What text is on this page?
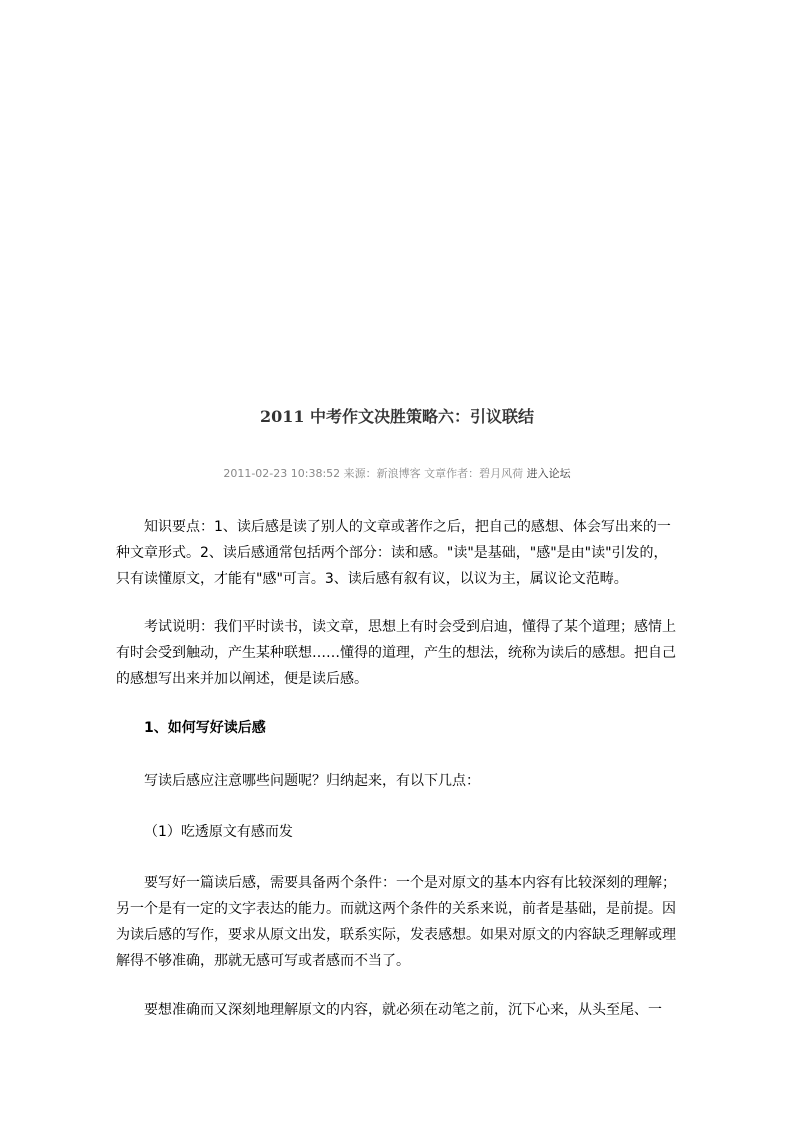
2011 中考作文决胜策略六：引议联结
2011-02-23 10:38:52 来源：新浪博客 文章作者：碧月风荷 进入论坛

知识要点：1、读后感是读了别人的文章或著作之后，把自己的感想、体会写出来的一种文章形式。2、读后感通常包括两个部分：读和感。"读"是基础，"感"是由"读"引发的，只有读懂原文，才能有"感"可言。3、读后感有叙有议，以议为主，属议论文范畴。

考试说明：我们平时读书，读文章，思想上有时会受到启迪，懂得了某个道理；感情上有时会受到触动，产生某种联想……懂得的道理，产生的想法，统称为读后的感想。把自己的感想写出来并加以阐述，便是读后感。

1、如何写好读后感

写读后感应注意哪些问题呢？归纳起来，有以下几点：

（1）吃透原文有感而发

要写好一篇读后感，需要具备两个条件：一个是对原文的基本内容有比较深刻的理解；另一个是有一定的文字表达的能力。而就这两个条件的关系来说，前者是基础，是前提。因为读后感的写作，要求从原文出发，联系实际，发表感想。如果对原文的内容缺乏理解或理解得不够准确，那就无感可写或者感而不当了。

要想准确而又深刻地理解原文的内容，就必须在动笔之前，沉下心来，从头至尾、一
